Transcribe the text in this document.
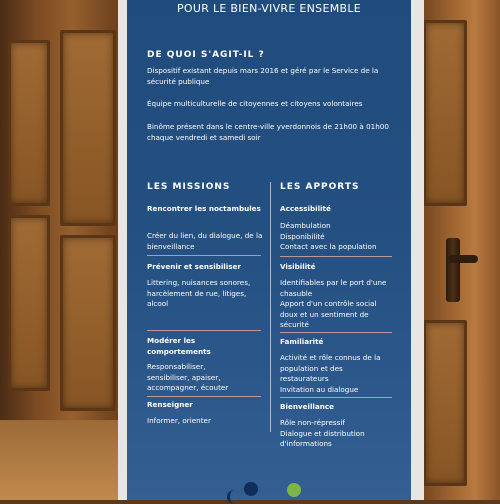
POUR LE BIEN-VIVRE ENSEMBLE
DE QUOI S'AGIT-IL ?
Dispositif existant depuis mars 2016 et géré par le Service de la sécurité publique
Équipe multiculturelle de citoyennes et citoyens volontaires
Binôme présent dans le centre-ville yverdonnois de 21h00 à 01h00 chaque vendredi et samedi soir
LES MISSIONS
Rencontrer les noctambules
Créer du lien, du dialogue, de la bienveillance
Prévenir et sensibiliser
Littering, nuisances sonores, harcèlement de rue, litiges, alcool
Modérer les comportements
Responsabiliser, sensibiliser, apaiser, accompagner, écouter
Renseigner
Informer, orienter
LES APPORTS
Accessibilité
Déambulation
Disponibilité
Contact avec la population
Visibilité
Identifiables par le port d'une chasuble
Apport d'un contrôle social doux et un sentiment de sécurité
Familiarité
Activité et rôle connus de la population et des restaurateurs
Invitation au dialogue
Bienveillance
Rôle non-répressif
Dialogue et distribution d'informations
